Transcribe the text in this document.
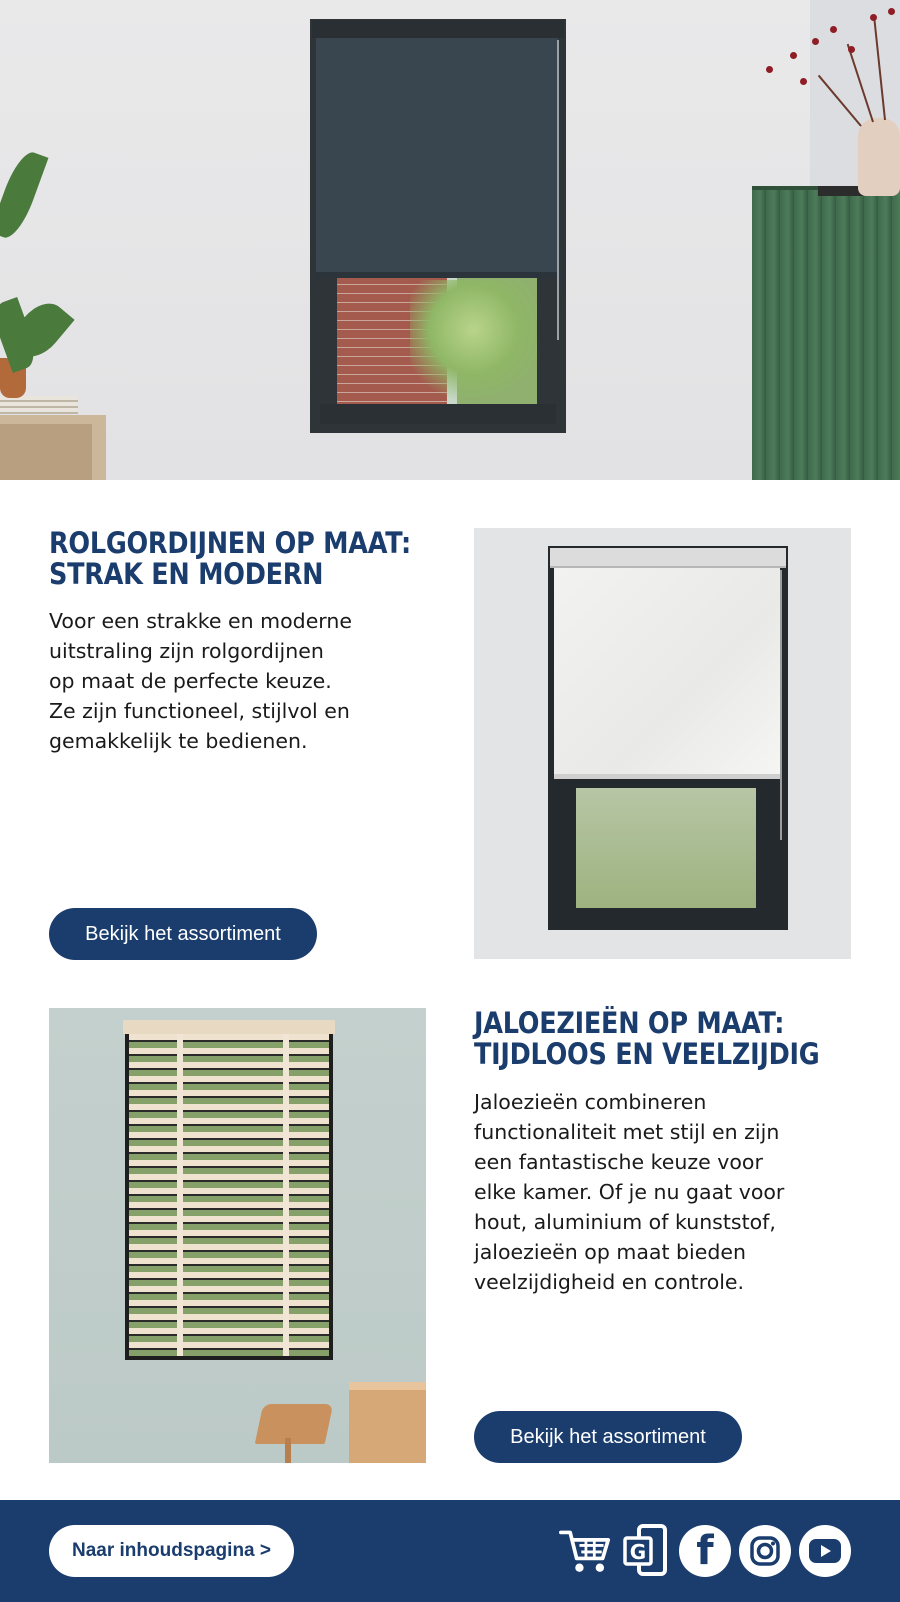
ROLGORDIJNEN OP MAAT:
STRAK EN MODERN

Voor een strakke en moderne
uitstraling zijn rolgordijnen
op maat de perfecte keuze.
Ze zijn functioneel, stijlvol en
gemakkelijk te bedienen.

Bekijk het assortiment
JALOEZIEËN OP MAAT:
TIJDLOOS EN VEELZIJDIG

Jaloezieën combineren
functionaliteit met stijl en zijn
een fantastische keuze voor
elke kamer. Of je nu gaat voor
hout, aluminium of kunststof,
jaloezieën op maat bieden
veelzijdigheid en controle.

Bekijk het assortiment
Naar inhoudspagina >	G f
